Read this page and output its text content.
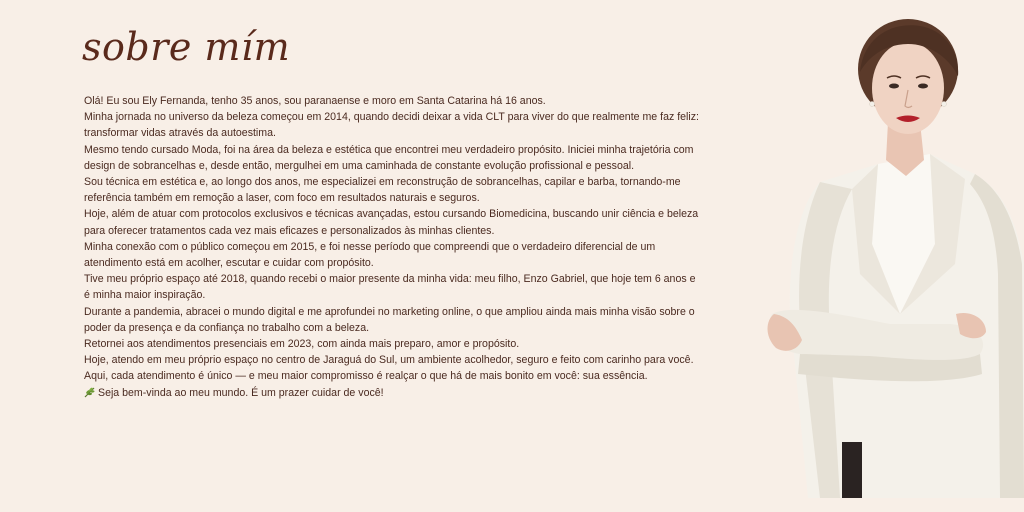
sobre mím

Olá! Eu sou Ely Fernanda, tenho 35 anos, sou paranaense e moro em Santa Catarina há 16 anos.

Minha jornada no universo da beleza começou em 2014, quando decidi deixar a vida CLT para viver do que realmente me faz feliz: transformar vidas através da autoestima.

Mesmo tendo cursado Moda, foi na área da beleza e estética que encontrei meu verdadeiro propósito. Iniciei minha trajetória com design de sobrancelhas e, desde então, mergulhei em uma caminhada de constante evolução profissional e pessoal.

Sou técnica em estética e, ao longo dos anos, me especializei em reconstrução de sobrancelhas, capilar e barba, tornando-me referência também em remoção a laser, com foco em resultados naturais e seguros.

Hoje, além de atuar com protocolos exclusivos e técnicas avançadas, estou cursando Biomedicina, buscando unir ciência e beleza para oferecer tratamentos cada vez mais eficazes e personalizados às minhas clientes.

Minha conexão com o público começou em 2015, e foi nesse período que compreendi que o verdadeiro diferencial de um atendimento está em acolher, escutar e cuidar com propósito.

Tive meu próprio espaço até 2018, quando recebi o maior presente da minha vida: meu filho, Enzo Gabriel, que hoje tem 6 anos e é minha maior inspiração.

Durante a pandemia, abracei o mundo digital e me aprofundei no marketing online, o que ampliou ainda mais minha visão sobre o poder da presença e da confiança no trabalho com a beleza.

Retornei aos atendimentos presenciais em 2023, com ainda mais preparo, amor e propósito.

Hoje, atendo em meu próprio espaço no centro de Jaraguá do Sul, um ambiente acolhedor, seguro e feito com carinho para você.

Aqui, cada atendimento é único — e meu maior compromisso é realçar o que há de mais bonito em você: sua essência.

Seja bem-vinda ao meu mundo. É um prazer cuidar de você!
